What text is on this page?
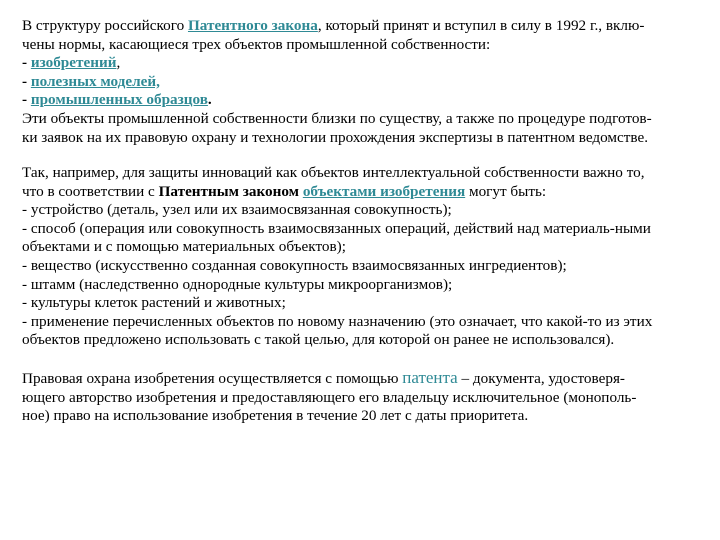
В структуру российского Патентного закона, который принят и вступил в силу в 1992 г., вклю-
чены нормы, касающиеся трех объектов промышленной собственности:
- изобретений,
- полезных моделей,
- промышленных образцов.
Эти объекты промышленной собственности близки по существу, а также по процедуре подготов-
ки заявок на их правовую охрану и технологии прохождения экспертизы в патентном ведомстве.
Так, например, для защиты инноваций как объектов интеллектуальной собственности важно то,
что в соответствии с Патентным законом объектами изобретения могут быть:
- устройство (деталь, узел или их взаимосвязанная совокупность);
- способ (операция или совокупность взаимосвязанных операций, действий над материаль-ными
объектами и с помощью материальных объектов);
- вещество (искусственно созданная совокупность взаимосвязанных ингредиентов);
- штамм (наследственно однородные культуры микроорганизмов);
- культуры клеток растений и животных;
- применение перечисленных объектов по новому назначению (это означает, что какой-то из этих
объектов предложено использовать с такой целью, для которой он ранее не использовался).
Правовая охрана изобретения осуществляется с помощью патента – документа, удостоверя-
ющего авторство изобретения и предоставляющего его владельцу исключительное (монополь-
ное) право на использование изобретения в течение 20 лет с даты приоритета.
